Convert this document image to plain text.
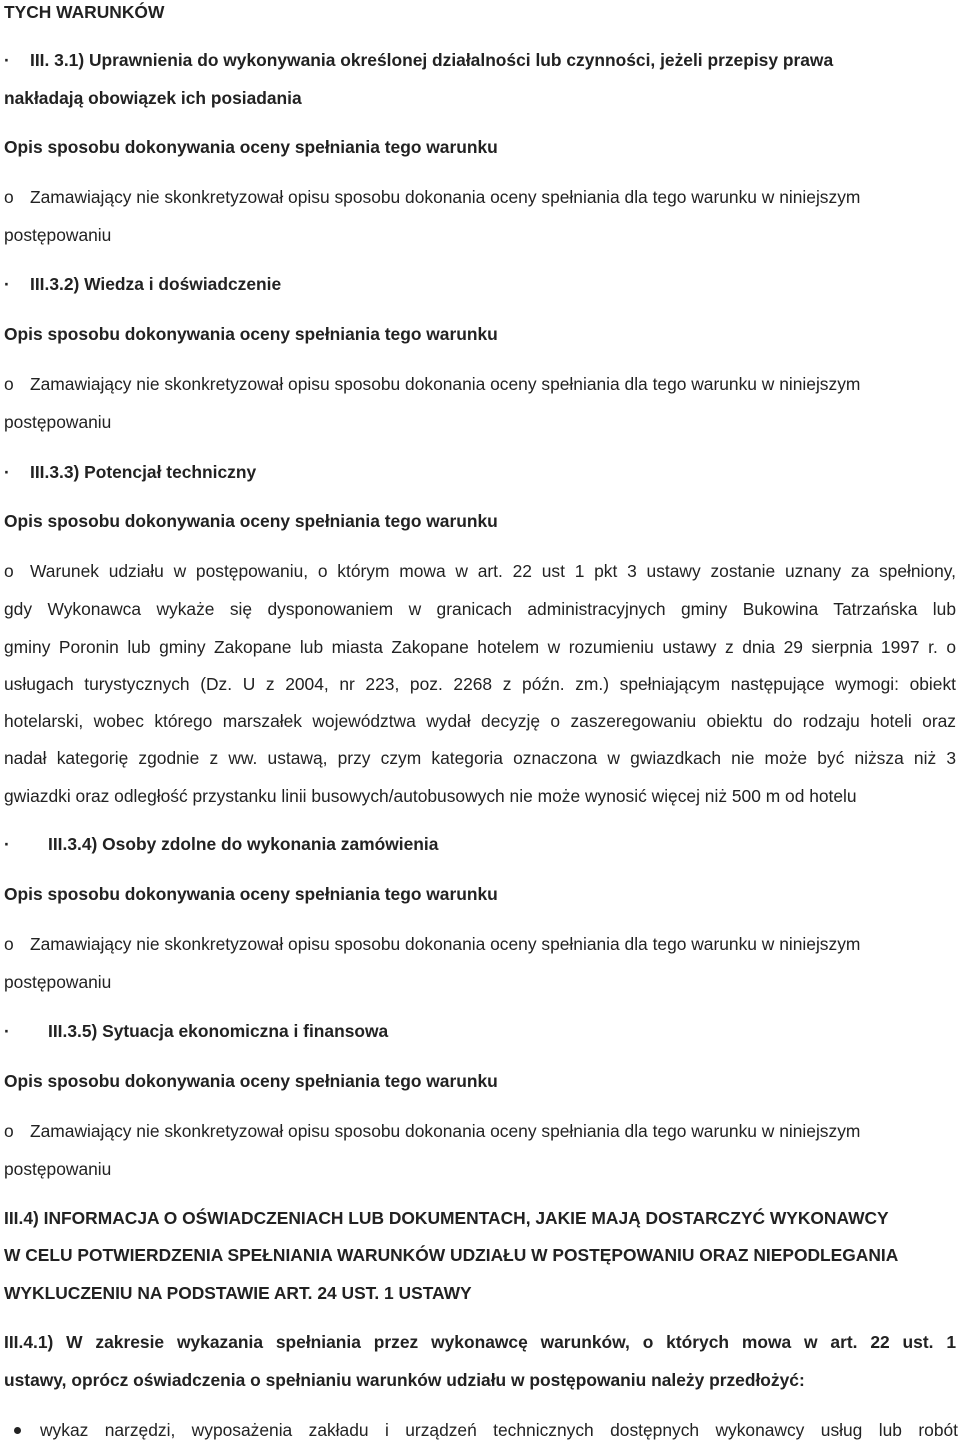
TYCH WARUNKÓW
· III. 3.1) Uprawnienia do wykonywania określonej działalności lub czynności, jeżeli przepisy prawa
nakładają obowiązek ich posiadania
Opis sposobu dokonywania oceny spełniania tego warunku
o Zamawiający nie skonkretyzował opisu sposobu dokonania oceny spełniania dla tego warunku w niniejszym
postępowaniu
· III.3.2) Wiedza i doświadczenie
Opis sposobu dokonywania oceny spełniania tego warunku
o Zamawiający nie skonkretyzował opisu sposobu dokonania oceny spełniania dla tego warunku w niniejszym
postępowaniu
· III.3.3) Potencjał techniczny
Opis sposobu dokonywania oceny spełniania tego warunku
o Warunek udziału w postępowaniu, o którym mowa w art. 22 ust 1 pkt 3 ustawy zostanie uznany za spełniony,
gdy Wykonawca wykaże się dysponowaniem w granicach administracyjnych gminy Bukowina Tatrzańska lub
gminy Poronin lub gminy Zakopane lub miasta Zakopane hotelem w rozumieniu ustawy z dnia 29 sierpnia 1997 r. o
usługach turystycznych (Dz. U z 2004, nr 223, poz. 2268 z późn. zm.) spełniającym następujące wymogi: obiekt
hotelarski, wobec którego marszałek województwa wydał decyzję o zaszeregowaniu obiektu do rodzaju hoteli oraz
nadał kategorię zgodnie z ww. ustawą, przy czym kategoria oznaczona w gwiazdkach nie może być niższa niż 3
gwiazdki oraz odległość przystanku linii busowych/autobusowych nie może wynosić więcej niż 500 m od hotelu
· III.3.4) Osoby zdolne do wykonania zamówienia
Opis sposobu dokonywania oceny spełniania tego warunku
o Zamawiający nie skonkretyzował opisu sposobu dokonania oceny spełniania dla tego warunku w niniejszym
postępowaniu
· III.3.5) Sytuacja ekonomiczna i finansowa
Opis sposobu dokonywania oceny spełniania tego warunku
o Zamawiający nie skonkretyzował opisu sposobu dokonania oceny spełniania dla tego warunku w niniejszym
postępowaniu
III.4) INFORMACJA O OŚWIADCZENIACH LUB DOKUMENTACH, JAKIE MAJĄ DOSTARCZYĆ WYKONAWCY
W CELU POTWIERDZENIA SPEŁNIANIA WARUNKÓW UDZIAŁU W POSTĘPOWANIU ORAZ NIEPODLEGANIA
WYKLUCZENIU NA PODSTAWIE ART. 24 UST. 1 USTAWY
III.4.1) W zakresie wykazania spełniania przez wykonawcę warunków, o których mowa w art. 22 ust. 1
ustawy, oprócz oświadczenia o spełnianiu warunków udziału w postępowaniu należy przedłożyć:
wykaz narzędzi, wyposażenia zakładu i urządzeń technicznych dostępnych wykonawcy usług lub robót
